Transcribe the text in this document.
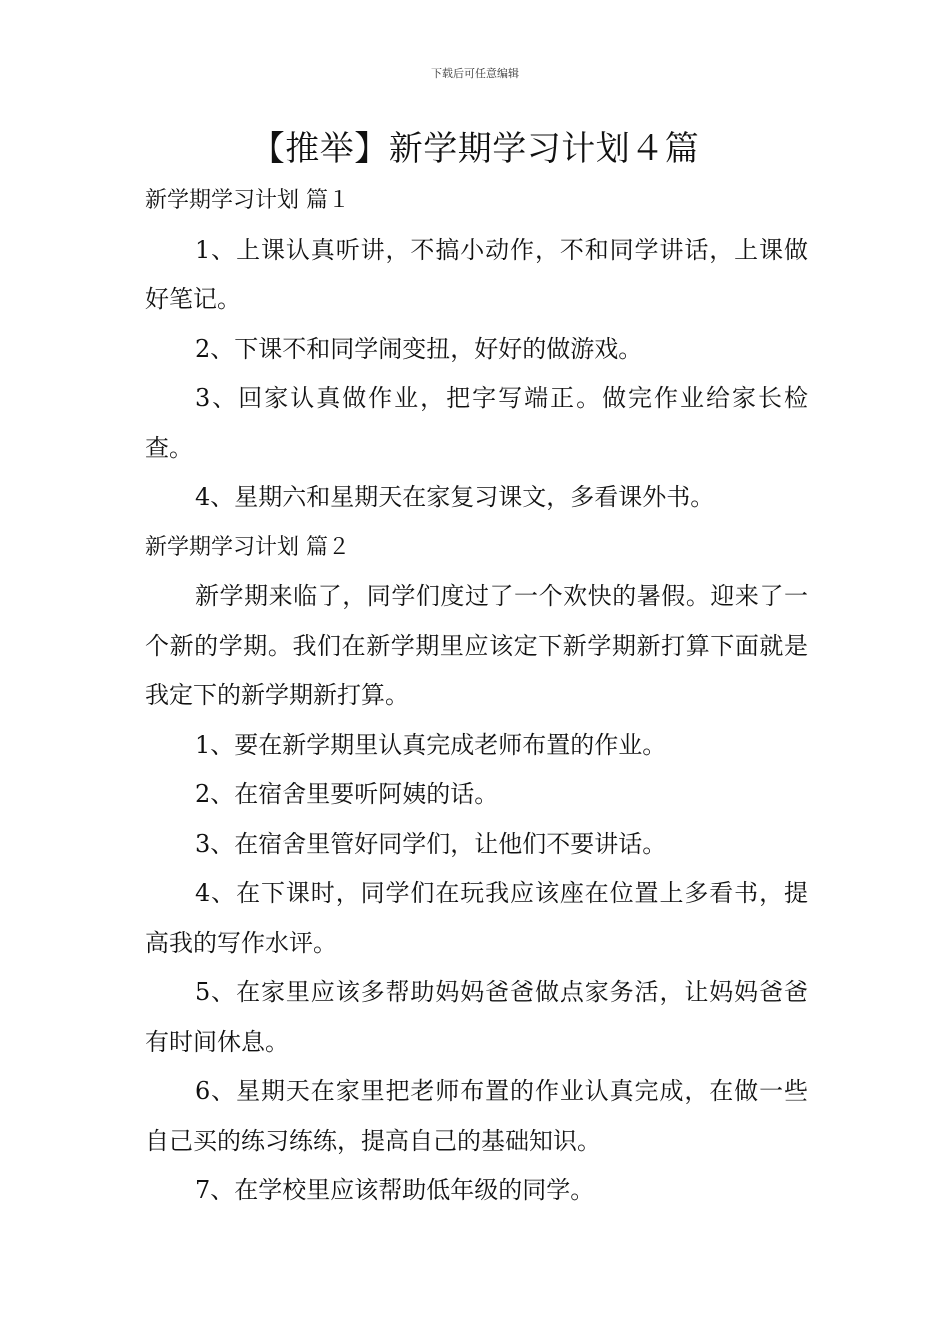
下载后可任意编辑
【推举】新学期学习计划４篇

新学期学习计划 篇１

1、上课认真听讲，不搞小动作，不和同学讲话，上课做好笔记。

2、下课不和同学闹变扭，好好的做游戏。

3、回家认真做作业，把字写端正。做完作业给家长检查。

4、星期六和星期天在家复习课文，多看课外书。

新学期学习计划 篇２

新学期来临了，同学们度过了一个欢快的暑假。迎来了一个新的学期。我们在新学期里应该定下新学期新打算下面就是我定下的新学期新打算。

1、要在新学期里认真完成老师布置的作业。

2、在宿舍里要听阿姨的话。

3、在宿舍里管好同学们，让他们不要讲话。

4、在下课时，同学们在玩我应该座在位置上多看书，提高我的写作水评。

5、在家里应该多帮助妈妈爸爸做点家务活，让妈妈爸爸有时间休息。

6、星期天在家里把老师布置的作业认真完成，在做一些自己买的练习练练，提高自己的基础知识。

7、在学校里应该帮助低年级的同学。
